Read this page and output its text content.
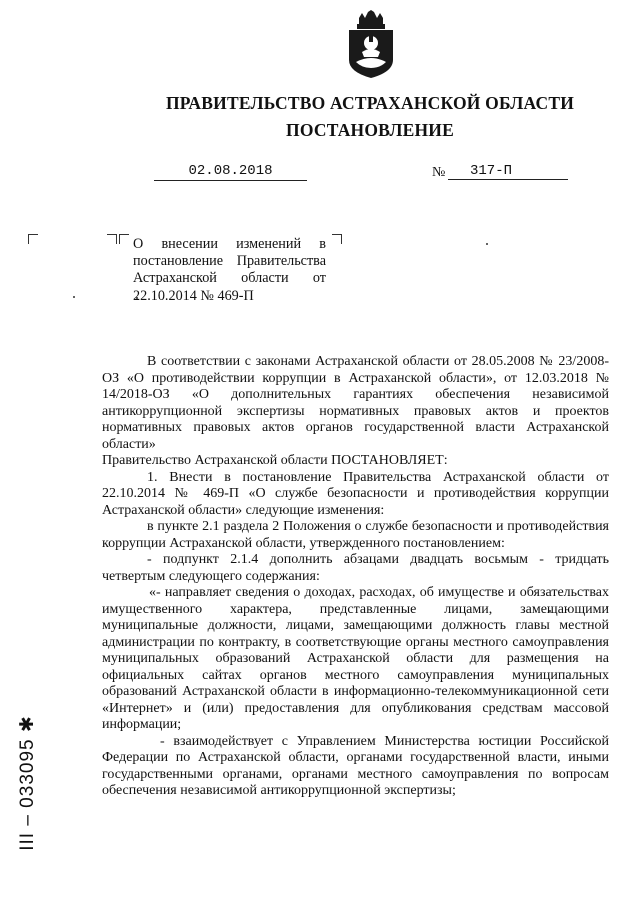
ПРАВИТЕЛЬСТВО АСТРАХАНСКОЙ ОБЛАСТИ
ПОСТАНОВЛЕНИЕ
02.08.2018	№	317-П
О внесении изменений в постановление Правительства Астраханской области от 22.10.2014 № 469-П

В соответствии с законами Астраханской области от 28.05.2008 № 23/2008-ОЗ «О противодействии коррупции в Астраханской области», от 12.03.2018 № 14/2018-ОЗ «О дополнительных гарантиях обеспечения независимой антикоррупционной экспертизы нормативных правовых актов и проектов нормативных правовых актов органов государственной власти Астраханской области»

Правительство Астраханской области ПОСТАНОВЛЯЕТ:

1. Внести в постановление Правительства Астраханской области от 22.10.2014 № 469-П «О службе безопасности и противодействия коррупции Астраханской области» следующие изменения:

в пункте 2.1 раздела 2 Положения о службе безопасности и противодействия коррупции Астраханской области, утвержденного постановлением:

- подпункт 2.1.4 дополнить абзацами двадцать восьмым - тридцать четвертым следующего содержания:

«- направляет сведения о доходах, расходах, об имуществе и обязательствах имущественного характера, представленные лицами, замещающими муниципальные должности, лицами, замещающими должность главы местной администрации по контракту, в соответствующие органы местного самоуправления муниципальных образований Астраханской области для размещения на официальных сайтах органов местного самоуправления муниципальных образований Астраханской области в информационно-телекоммуникационной сети «Интернет» и (или) предоставления для опубликования средствам массовой информации;

- взаимодействует с Управлением Министерства юстиции Российской Федерации по Астраханской области, органами государственной власти, иными государственными органами, органами местного самоуправления по вопросам обеспечения независимой антикоррупционной экспертизы;

III – 033095 ✱
